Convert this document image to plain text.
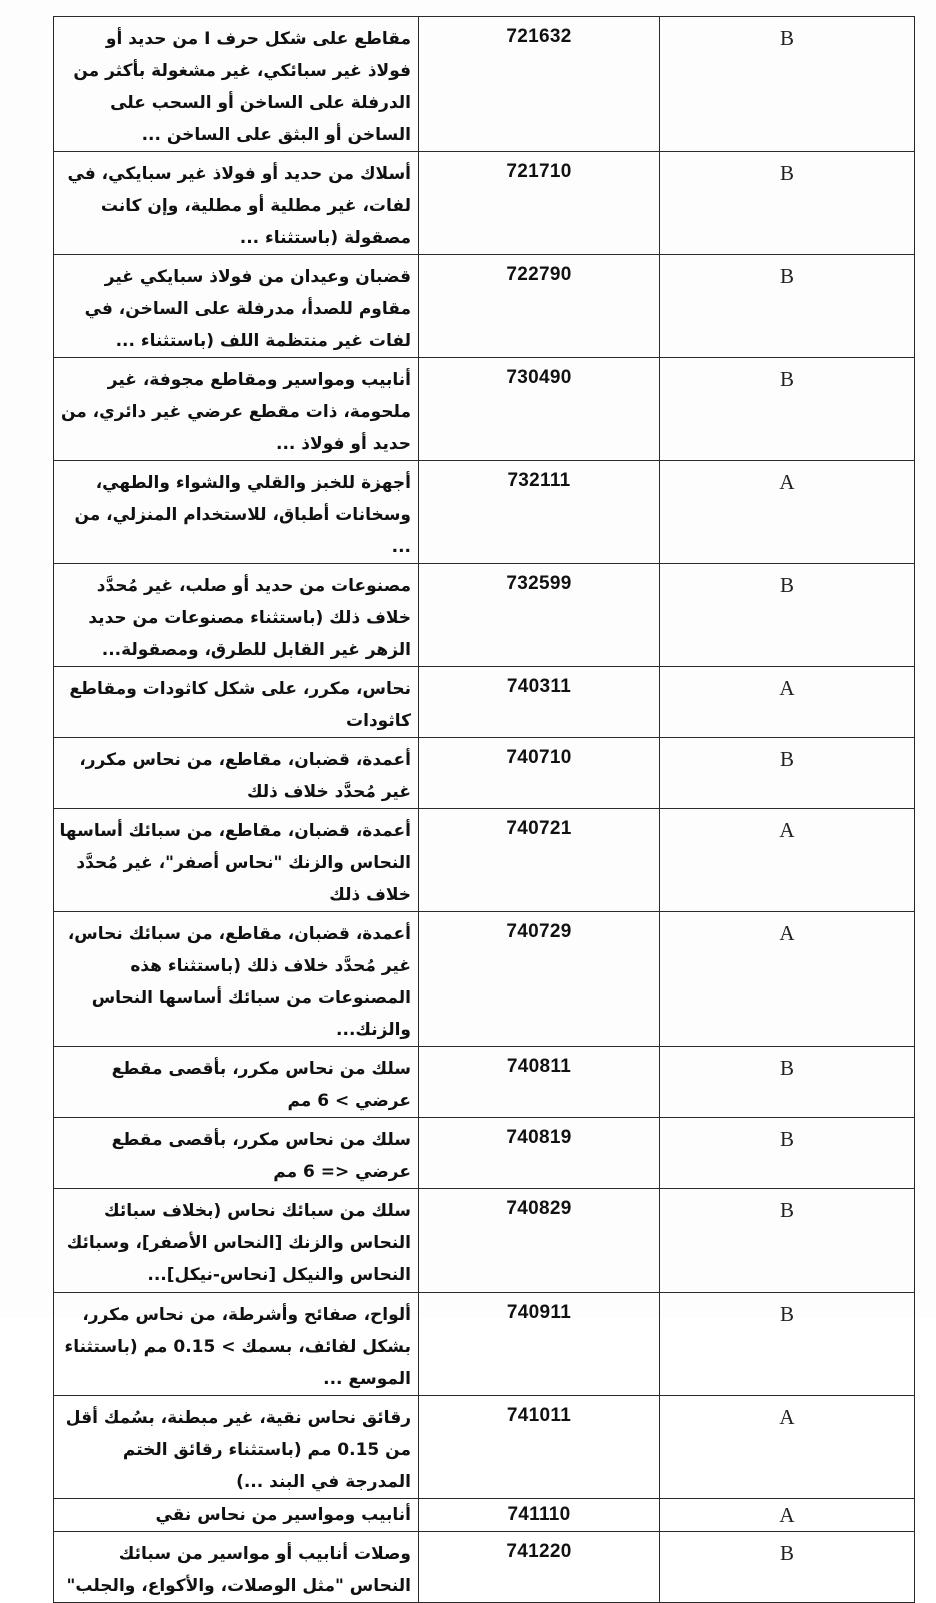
مقاطع على شكل حرف I من حديد أو فولاذ غير سبائكي، غير مشغولة بأكثر من الدرفلة على الساخن أو السحب على الساخن أو البثق على الساخن ...	721632	B

أسلاك من حديد أو فولاذ غير سبايكي، في لفات، غير مطلية أو مطلية، وإن كانت مصقولة (باستثناء ...	721710	B

قضبان وعيدان من فولاذ سبايكي غير مقاوم للصدأ، مدرفلة على الساخن، في لفات غير منتظمة اللف (باستثناء ...	722790	B

أنابيب ومواسير ومقاطع مجوفة، غير ملحومة، ذات مقطع عرضي غير دائري، من حديد أو فولاذ ...	730490	B

أجهزة للخبز والقلي والشواء والطهي، وسخانات أطباق، للاستخدام المنزلي، من ...	732111	A

مصنوعات من حديد أو صلب، غير مُحدَّد خلاف ذلك (باستثناء مصنوعات من حديد الزهر غير القابل للطرق، ومصقولة...	732599	B

نحاس، مكرر، على شكل كاثودات ومقاطع كاثودات	740311	A

أعمدة، قضبان، مقاطع، من نحاس مكرر، غير مُحدَّد خلاف ذلك	740710	B

أعمدة، قضبان، مقاطع، من سبائك أساسها النحاس والزنك "نحاس أصفر"، غير مُحدَّد خلاف ذلك	740721	A

أعمدة، قضبان، مقاطع، من سبائك نحاس، غير مُحدَّد خلاف ذلك (باستثناء هذه المصنوعات من سبائك أساسها النحاس والزنك...	740729	A

سلك من نحاس مكرر، بأقصى مقطع عرضي > 6 مم	740811	B

سلك من نحاس مكرر، بأقصى مقطع عرضي <= 6 مم	740819	B

سلك من سبائك نحاس (بخلاف سبائك النحاس والزنك [النحاس الأصفر]، وسبائك النحاس والنيكل [نحاس-نيكل]...	740829	B

ألواح، صفائح وأشرطة، من نحاس مكرر، بشكل لفائف، بسمك > 0.15 مم (باستثناء الموسع ...	740911	B

رقائق نحاس نقية، غير مبطنة، بسُمك أقل من 0.15 مم (باستثناء رقائق الختم المدرجة في البند ...)	741011	A

أنابيب ومواسير من نحاس نقي	741110	A

وصلات أنابيب أو مواسير من سبائك النحاس "مثل الوصلات، والأكواع، والجلب"	741220	B
